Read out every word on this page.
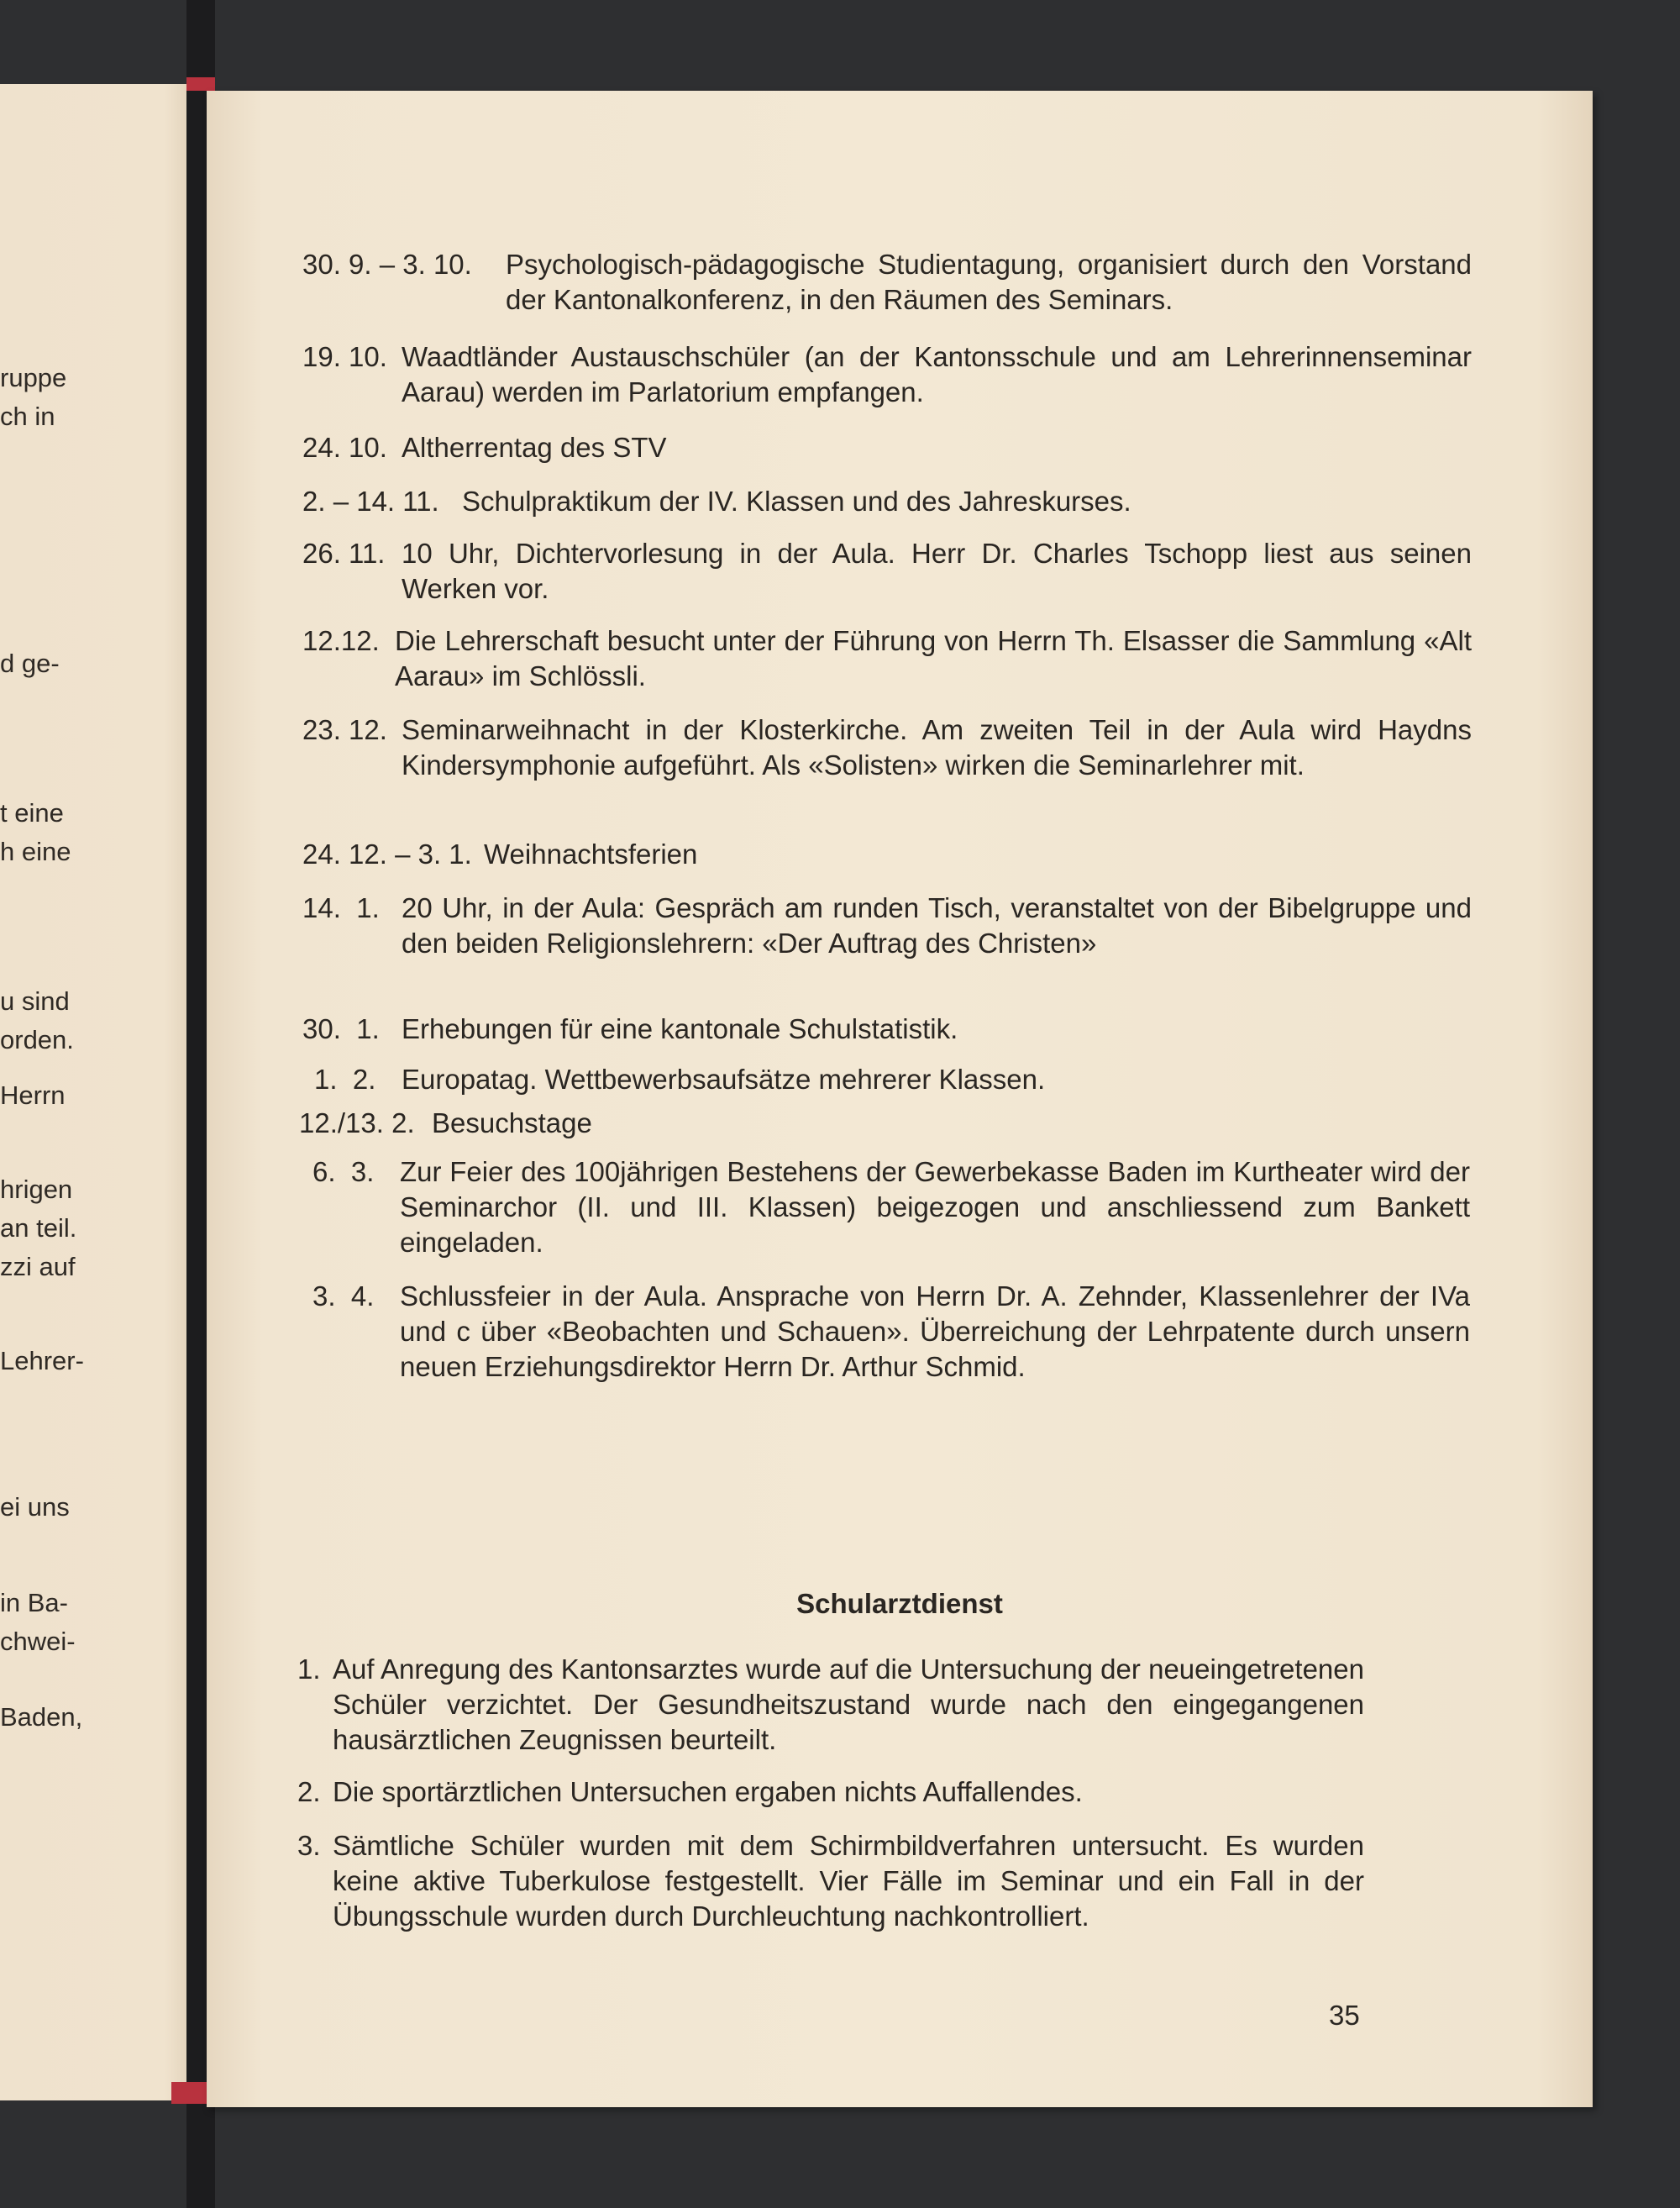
ruppe
ch in
d ge-
t eine
h eine
u sind
orden.
Herrn
hrigen
an teil.
zzi auf
Lehrer-
ei uns
in Ba-
chwei-
Baden,
30. 9. – 3. 10. Psychologisch-pädagogische Studientagung, organisiert durch den Vorstand der Kantonalkonferenz, in den Räumen des Seminars.
19. 10. Waadtländer Austauschschüler (an der Kantonsschule und am Lehrerinnenseminar Aarau) werden im Parlatorium empfangen.
24. 10. Altherrentag des STV
2. – 14. 11. Schulpraktikum der IV. Klassen und des Jahreskurses.
26. 11. 10 Uhr, Dichtervorlesung in der Aula. Herr Dr. Charles Tschopp liest aus seinen Werken vor.
12.12. Die Lehrerschaft besucht unter der Führung von Herrn Th. Elsasser die Sammlung «Alt Aarau» im Schlössli.
23. 12. Seminarweihnacht in der Klosterkirche. Am zweiten Teil in der Aula wird Haydns Kindersymphonie aufgeführt. Als «Solisten» wirken die Seminarlehrer mit.
24. 12. – 3. 1. Weihnachtsferien
14.  1. 20 Uhr, in der Aula: Gespräch am runden Tisch, veranstaltet von der Bibelgruppe und den beiden Religionslehrern: «Der Auftrag des Christen»
30.  1. Erhebungen für eine kantonale Schulstatistik.
1.  2. Europatag. Wettbewerbsaufsätze mehrerer Klassen.
12./13. 2. Besuchstage
6.  3. Zur Feier des 100jährigen Bestehens der Gewerbekasse Baden im Kurtheater wird der Seminarchor (II. und III. Klassen) beigezogen und anschliessend zum Bankett eingeladen.
3.  4. Schlussfeier in der Aula. Ansprache von Herrn Dr. A. Zehnder, Klassenlehrer der IVa und c über «Beobachten und Schauen». Überreichung der Lehrpatente durch unsern neuen Erziehungsdirektor Herrn Dr. Arthur Schmid.
Schularztdienst
1. Auf Anregung des Kantonsarztes wurde auf die Untersuchung der neueingetretenen Schüler verzichtet. Der Gesundheitszustand wurde nach den eingegangenen hausärztlichen Zeugnissen beurteilt.
2. Die sportärztlichen Untersuchen ergaben nichts Auffallendes.
3. Sämtliche Schüler wurden mit dem Schirmbildverfahren untersucht. Es wurden keine aktive Tuberkulose festgestellt. Vier Fälle im Seminar und ein Fall in der Übungsschule wurden durch Durchleuchtung nachkontrolliert.
35
